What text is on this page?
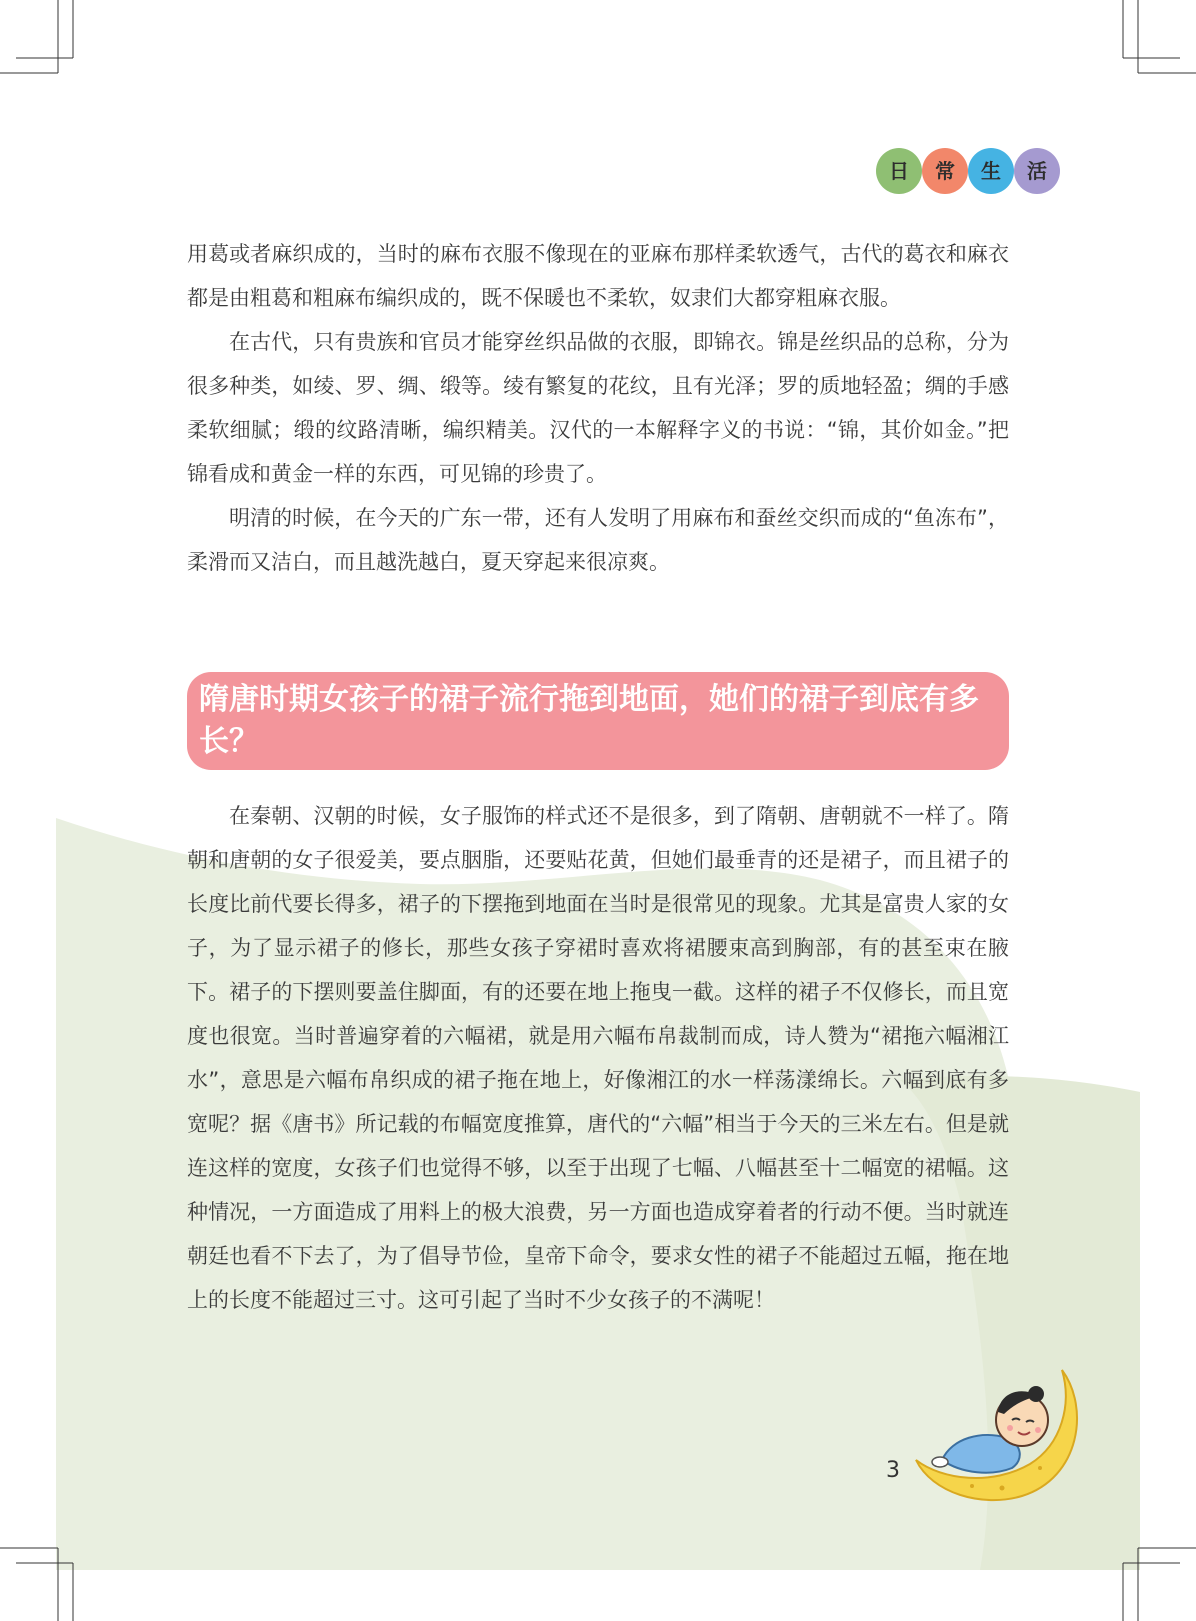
日	常	生	活

用葛或者麻织成的，当时的麻布衣服不像现在的亚麻布那样柔软透气，古代的葛衣和麻衣都是由粗葛和粗麻布编织成的，既不保暖也不柔软，奴隶们大都穿粗麻衣服。

在古代，只有贵族和官员才能穿丝织品做的衣服，即锦衣。锦是丝织品的总称，分为很多种类，如绫、罗、绸、缎等。绫有繁复的花纹，且有光泽；罗的质地轻盈；绸的手感柔软细腻；缎的纹路清晰，编织精美。汉代的一本解释字义的书说：“锦，其价如金。”把锦看成和黄金一样的东西，可见锦的珍贵了。

明清的时候，在今天的广东一带，还有人发明了用麻布和蚕丝交织而成的“鱼冻布”，柔滑而又洁白，而且越洗越白，夏天穿起来很凉爽。

隋唐时期女孩子的裙子流行拖到地面，她们的裙子到底有多长？

在秦朝、汉朝的时候，女子服饰的样式还不是很多，到了隋朝、唐朝就不一样了。隋朝和唐朝的女子很爱美，要点胭脂，还要贴花黄，但她们最垂青的还是裙子，而且裙子的长度比前代要长得多，裙子的下摆拖到地面在当时是很常见的现象。尤其是富贵人家的女子，为了显示裙子的修长，那些女孩子穿裙时喜欢将裙腰束高到胸部，有的甚至束在腋下。裙子的下摆则要盖住脚面，有的还要在地上拖曳一截。这样的裙子不仅修长，而且宽度也很宽。当时普遍穿着的六幅裙，就是用六幅布帛裁制而成，诗人赞为“裙拖六幅湘江水”，意思是六幅布帛织成的裙子拖在地上，好像湘江的水一样荡漾绵长。六幅到底有多宽呢？据《唐书》所记载的布幅宽度推算，唐代的“六幅”相当于今天的三米左右。但是就连这样的宽度，女孩子们也觉得不够，以至于出现了七幅、八幅甚至十二幅宽的裙幅。这种情况，一方面造成了用料上的极大浪费，另一方面也造成穿着者的行动不便。当时就连朝廷也看不下去了，为了倡导节俭，皇帝下命令，要求女性的裙子不能超过五幅，拖在地上的长度不能超过三寸。这可引起了当时不少女孩子的不满呢！

3
